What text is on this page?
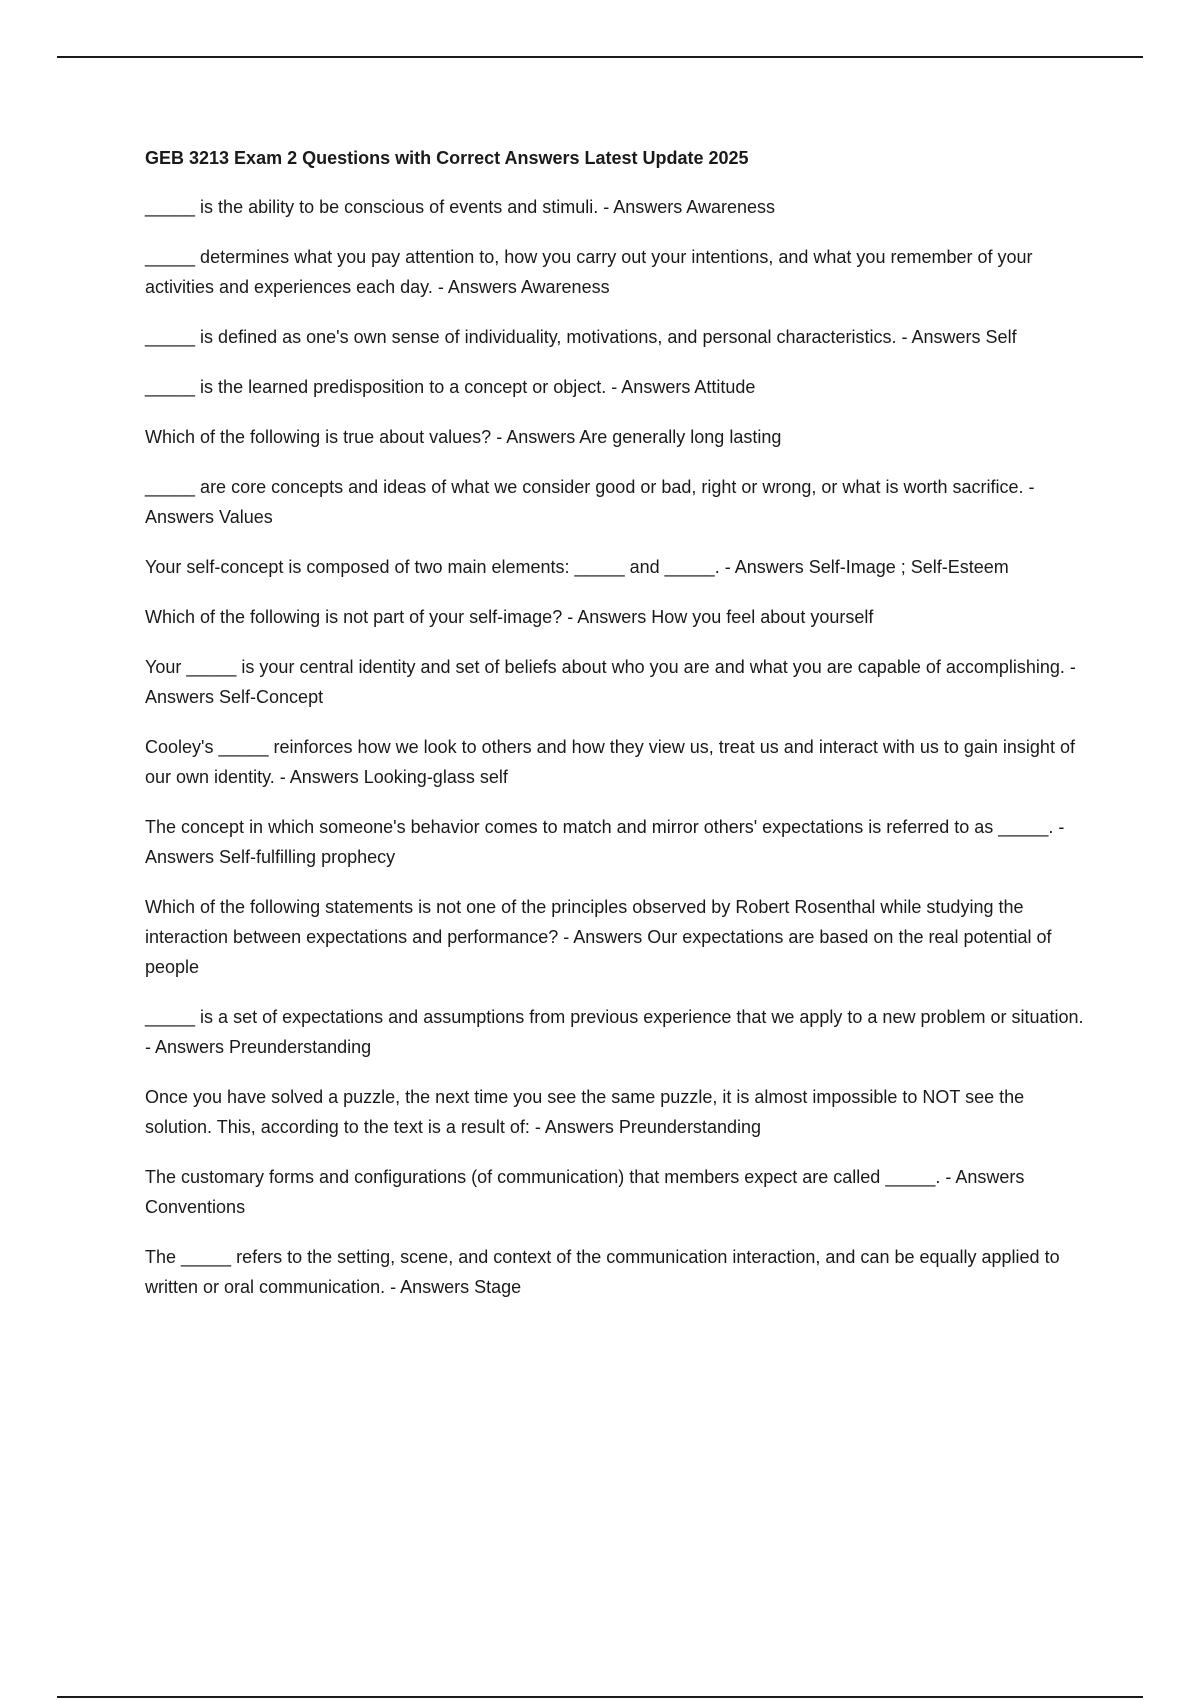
GEB 3213 Exam 2 Questions with Correct Answers Latest Update 2025

_____ is the ability to be conscious of events and stimuli. - Answers Awareness

_____ determines what you pay attention to, how you carry out your intentions, and what you remember of your activities and experiences each day. - Answers Awareness

_____ is defined as one's own sense of individuality, motivations, and personal characteristics. - Answers Self

_____ is the learned predisposition to a concept or object. - Answers Attitude

Which of the following is true about values? - Answers Are generally long lasting

_____ are core concepts and ideas of what we consider good or bad, right or wrong, or what is worth sacrifice. - Answers Values

Your self-concept is composed of two main elements: _____ and _____. - Answers Self-Image ; Self-Esteem

Which of the following is not part of your self-image? - Answers How you feel about yourself

Your _____ is your central identity and set of beliefs about who you are and what you are capable of accomplishing. - Answers Self-Concept

Cooley's _____ reinforces how we look to others and how they view us, treat us and interact with us to gain insight of our own identity. - Answers Looking-glass self

The concept in which someone's behavior comes to match and mirror others' expectations is referred to as _____. - Answers Self-fulfilling prophecy

Which of the following statements is not one of the principles observed by Robert Rosenthal while studying the interaction between expectations and performance? - Answers Our expectations are based on the real potential of people

_____ is a set of expectations and assumptions from previous experience that we apply to a new problem or situation. - Answers Preunderstanding

Once you have solved a puzzle, the next time you see the same puzzle, it is almost impossible to NOT see the solution. This, according to the text is a result of: - Answers Preunderstanding

The customary forms and configurations (of communication) that members expect are called _____. - Answers Conventions

The _____ refers to the setting, scene, and context of the communication interaction, and can be equally applied to written or oral communication. - Answers Stage
